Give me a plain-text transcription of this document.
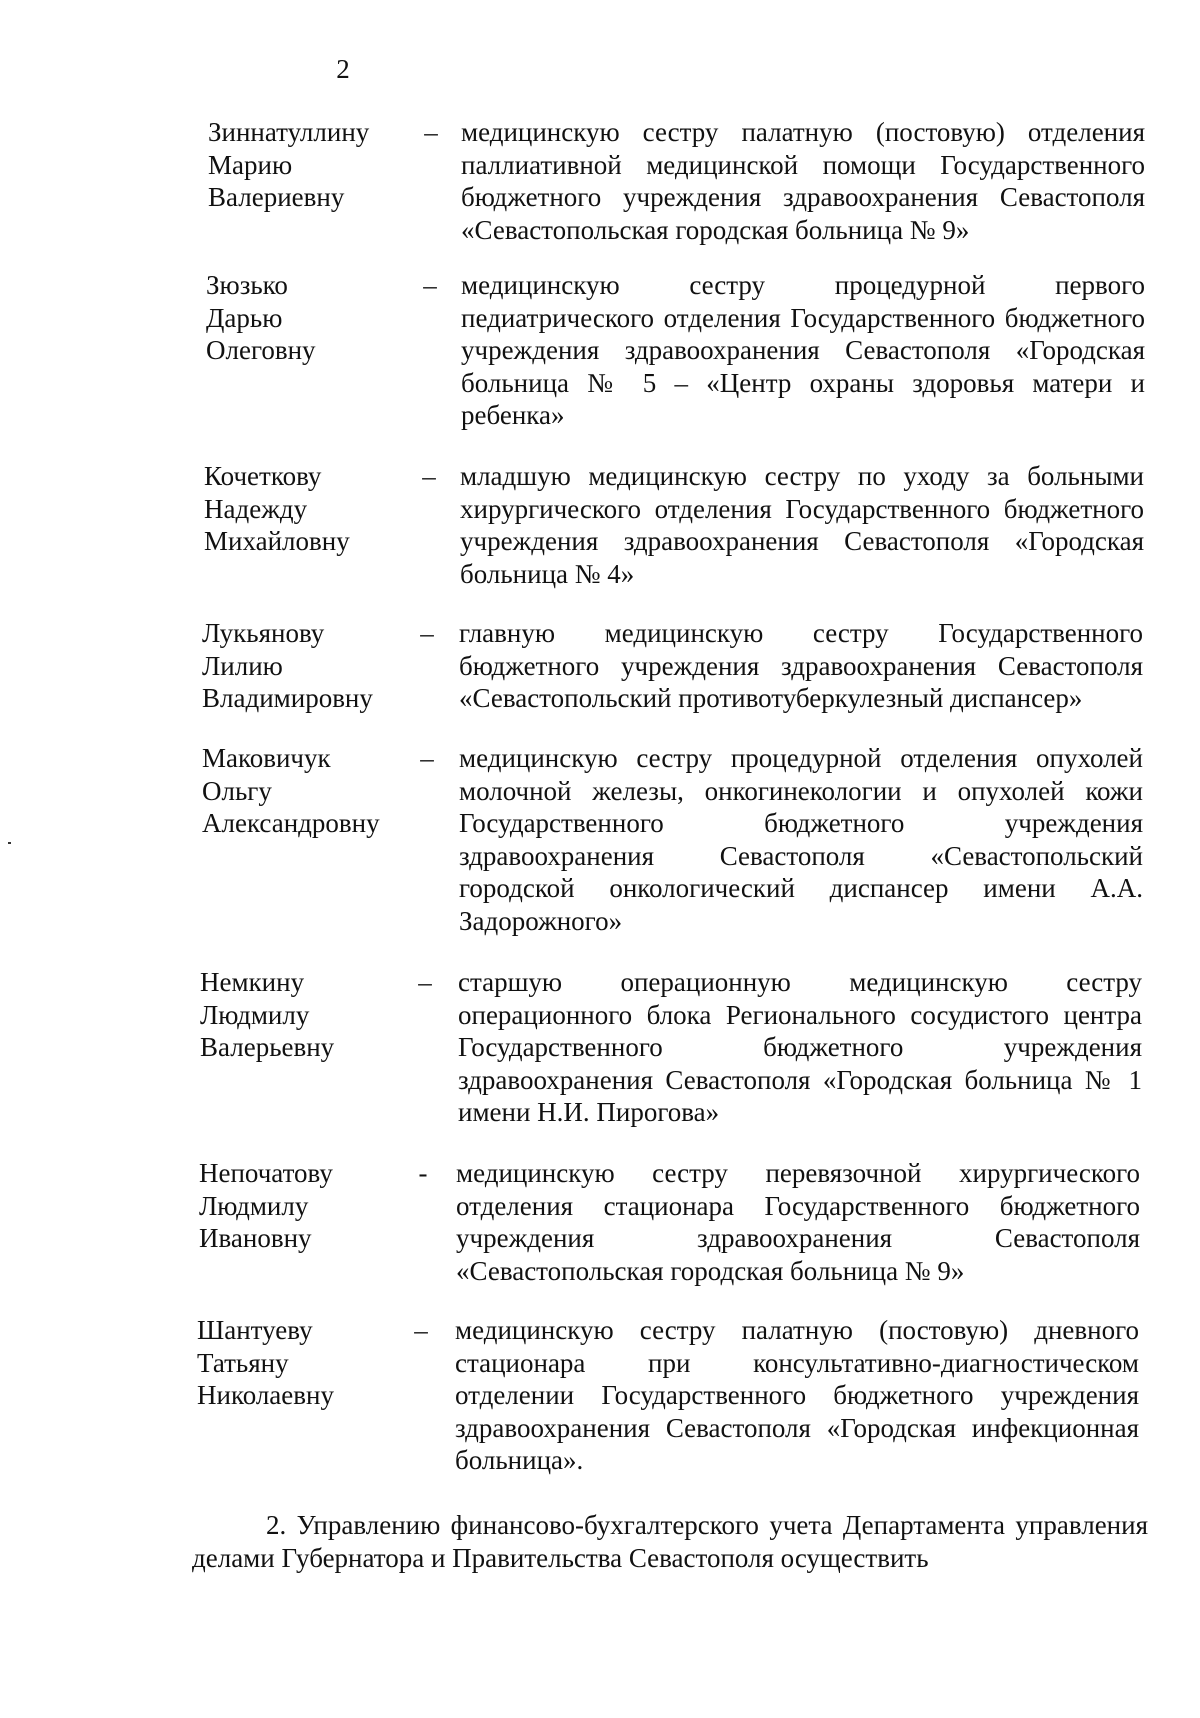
2
Зиннатуллину
Марию
Валериевну
– медицинскую сестру палатную (постовую) отделения паллиативной медицинской помощи Государственного бюджетного учреждения здравоохранения Севастополя «Севастопольская городская больница № 9»
Зюзько
Дарью
Олеговну
– медицинскую сестру процедурной первого педиатрического отделения Государственного бюджетного учреждения здравоохранения Севастополя «Городская больница № 5 – «Центр охраны здоровья матери и ребенка»
Кочеткову
Надежду
Михайловну
– младшую медицинскую сестру по уходу за больными хирургического отделения Государственного бюджетного учреждения здравоохранения Севастополя «Городская больница № 4»
Лукьянову
Лилию
Владимировну
– главную медицинскую сестру Государственного бюджетного учреждения здравоохранения Севастополя «Севастопольский противотуберкулезный диспансер»
Маковичук
Ольгу
Александровну
– медицинскую сестру процедурной отделения опухолей молочной железы, онкогинекологии и опухолей кожи Государственного бюджетного учреждения здравоохранения Севастополя «Севастопольский городской онкологический диспансер имени А.А. Задорожного»
Немкину
Людмилу
Валерьевну
– старшую операционную медицинскую сестру операционного блока Регионального сосудистого центра Государственного бюджетного учреждения здравоохранения Севастополя «Городская больница № 1 имени Н.И. Пирогова»
Непочатову
Людмилу
Ивановну
-	медицинскую сестру перевязочной хирургического отделения стационара Государственного бюджетного учреждения здравоохранения Севастополя «Севастопольская городская больница № 9»
Шантуеву
Татьяну
Николаевну
–	медицинскую сестру палатную (постовую) дневного стационара при консультативно-диагностическом отделении Государственного бюджетного учреждения здравоохранения Севастополя «Городская инфекционная больница».
2. Управлению финансово-бухгалтерского учета Департамента управления делами Губернатора и Правительства Севастополя осуществить
